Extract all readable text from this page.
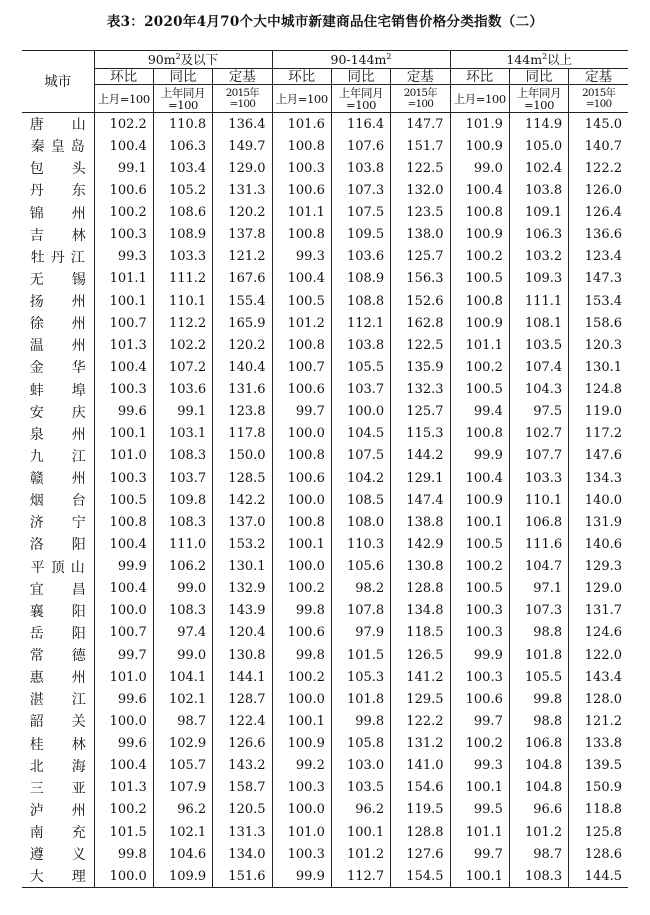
表3：2020年4月70个大中城市新建商品住宅销售价格分类指数（二）
城市	$90m^2$及以下			$90-144m^2$			$144m^2$以上		
	环比	同比	定基	环比	同比	定基	环比	同比	定基
	上月=100	上年同月=100	2015年=100	上月=100	上年同月=100	2015年=100	上月=100	上年同月=100	2015年=100
唐山	102.2	110.8	136.4	101.6	116.4	147.7	101.9	114.9	145.0
秦皇岛	100.4	106.3	149.7	100.8	107.6	151.7	100.9	105.0	140.7
包头	99.1	103.4	129.0	100.3	103.8	122.5	99.0	102.4	122.2
丹东	100.6	105.2	131.3	100.6	107.3	132.0	100.4	103.8	126.0
锦州	100.2	108.6	120.2	101.1	107.5	123.5	100.8	109.1	126.4
吉林	100.3	108.9	137.8	100.8	109.5	138.0	100.9	106.3	136.6
牡丹江	99.3	103.3	121.2	99.3	103.6	125.7	100.2	103.2	123.4
无锡	101.1	111.2	167.6	100.4	108.9	156.3	100.5	109.3	147.3
扬州	100.1	110.1	155.4	100.5	108.8	152.6	100.8	111.1	153.4
徐州	100.7	112.2	165.9	101.2	112.1	162.8	100.9	108.1	158.6
温州	101.3	102.2	120.2	100.8	103.8	122.5	101.1	103.5	120.3
金华	100.4	107.2	140.4	100.7	105.5	135.9	100.2	107.4	130.1
蚌埠	100.3	103.6	131.6	100.6	103.7	132.3	100.5	104.3	124.8
安庆	99.6	99.1	123.8	99.7	100.0	125.7	99.4	97.5	119.0
泉州	100.1	103.1	117.8	100.0	104.5	115.3	100.8	102.7	117.2
九江	101.0	108.3	150.0	100.8	107.5	144.2	99.9	107.7	147.6
赣州	100.3	103.7	128.5	100.6	104.2	129.1	100.4	103.3	134.3
烟台	100.5	109.8	142.2	100.0	108.5	147.4	100.9	110.1	140.0
济宁	100.8	108.3	137.0	100.8	108.0	138.8	100.1	106.8	131.9
洛阳	100.4	111.0	153.2	100.1	110.3	142.9	100.5	111.6	140.6
平顶山	99.9	106.2	130.1	100.0	105.6	130.8	100.2	104.7	129.3
宜昌	100.4	99.0	132.9	100.2	98.2	128.8	100.5	97.1	129.0
襄阳	100.0	108.3	143.9	99.8	107.8	134.8	100.3	107.3	131.7
岳阳	100.7	97.4	120.4	100.6	97.9	118.5	100.3	98.8	124.6
常德	99.7	99.0	130.8	99.8	101.5	126.5	99.9	101.8	122.0
惠州	101.0	104.1	144.1	100.2	105.3	141.2	100.3	105.5	143.4
湛江	99.6	102.1	128.7	100.0	101.8	129.5	100.6	99.8	128.0
韶关	100.0	98.7	122.4	100.1	99.8	122.2	99.7	98.8	121.2
桂林	99.6	102.9	126.6	100.9	105.8	131.2	100.2	106.8	133.8
北海	100.4	105.7	143.2	99.2	103.0	141.0	99.3	104.8	139.5
三亚	101.3	107.9	158.7	100.3	103.5	154.6	100.1	104.8	150.9
泸州	100.2	96.2	120.5	100.0	96.2	119.5	99.5	96.6	118.8
南充	101.5	102.1	131.3	101.0	100.1	128.8	101.1	101.2	125.8
遵义	99.8	104.6	134.0	100.3	101.2	127.6	99.7	98.7	128.6
大理	100.0	109.9	151.6	99.9	112.7	154.5	100.1	108.3	144.5
